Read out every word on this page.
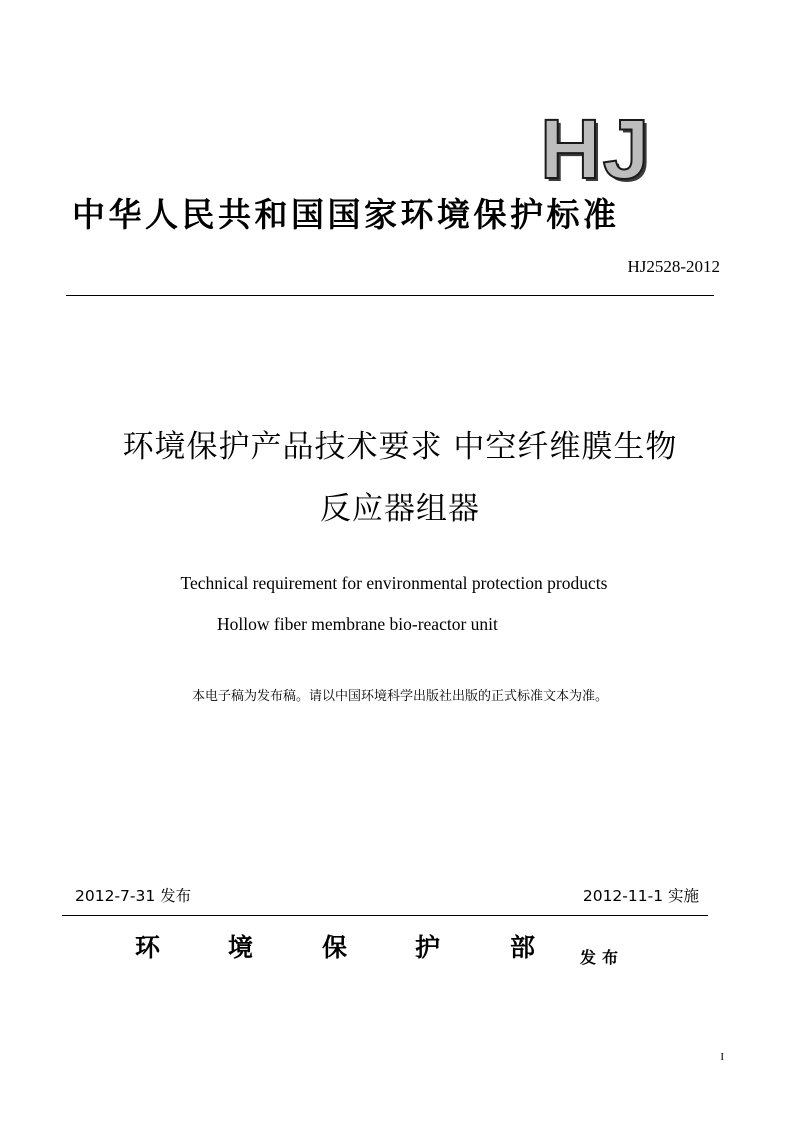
HJ
中华人民共和国国家环境保护标准
HJ2528-2012
环境保护产品技术要求 中空纤维膜生物
反应器组器
Technical requirement for environmental protection products
Hollow fiber membrane bio-reactor unit
本电子稿为发布稿。请以中国环境科学出版社出版的正式标准文本为准。
2012-7-31 发布	2012-11-1 实施
环	境	保	护	部	发布
I
